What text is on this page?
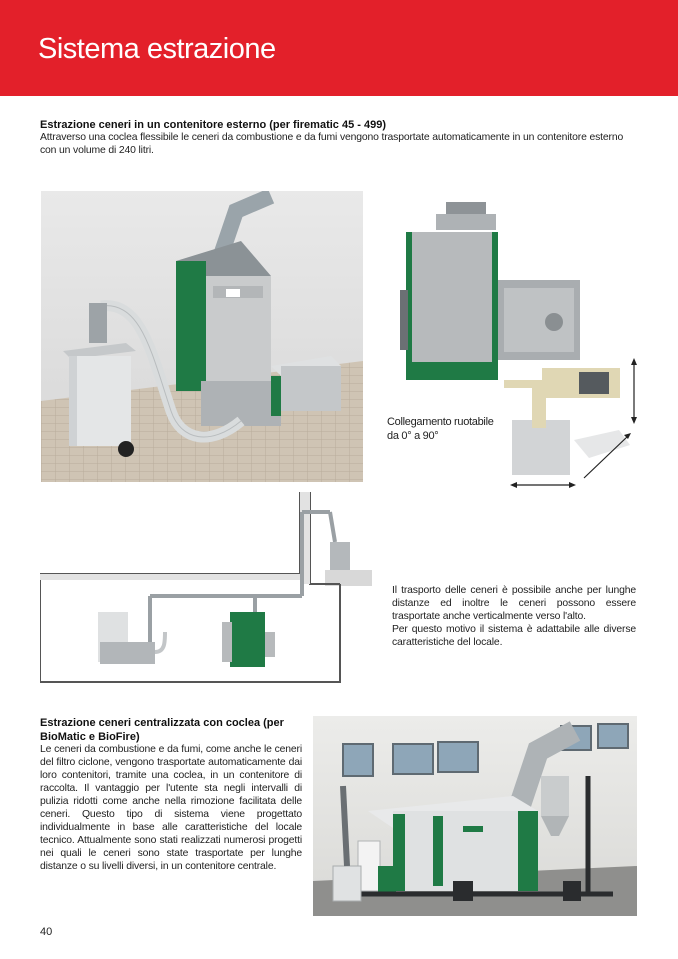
Sistema estrazione
Estrazione ceneri in un contenitore esterno (per firematic 45 - 499)

Attraverso una coclea flessibile le ceneri da combustione e da fumi vengono trasportate automaticamente in un contenitore esterno con un volume di 240 litri.

Collegamento ruotabile
da 0° a 90°

Il trasporto delle ceneri è possibile anche per lunghe distanze ed inoltre le ceneri possono essere trasportate anche verticalmente verso l'alto.

Per questo motivo il sistema è adattabile alle diverse caratteristiche del locale.

Estrazione ceneri centralizzata con coclea (per BioMatic e BioFire)

Le ceneri da combustione e da fumi, come anche le ceneri del filtro ciclone, vengono trasportate automaticamente dai loro contenitori, tramite una coclea, in un contenitore di raccolta. Il vantaggio per l'utente sta negli intervalli di pulizia ridotti come anche nella rimozione facilitata delle ceneri. Questo tipo di sistema viene progettato individualmente in base alle caratteristiche del locale tecnico. Attualmente sono stati realizzati numerosi progetti nei quali le ceneri sono state trasportate per lunghe distanze o su livelli diversi, in un contenitore centrale.

40
